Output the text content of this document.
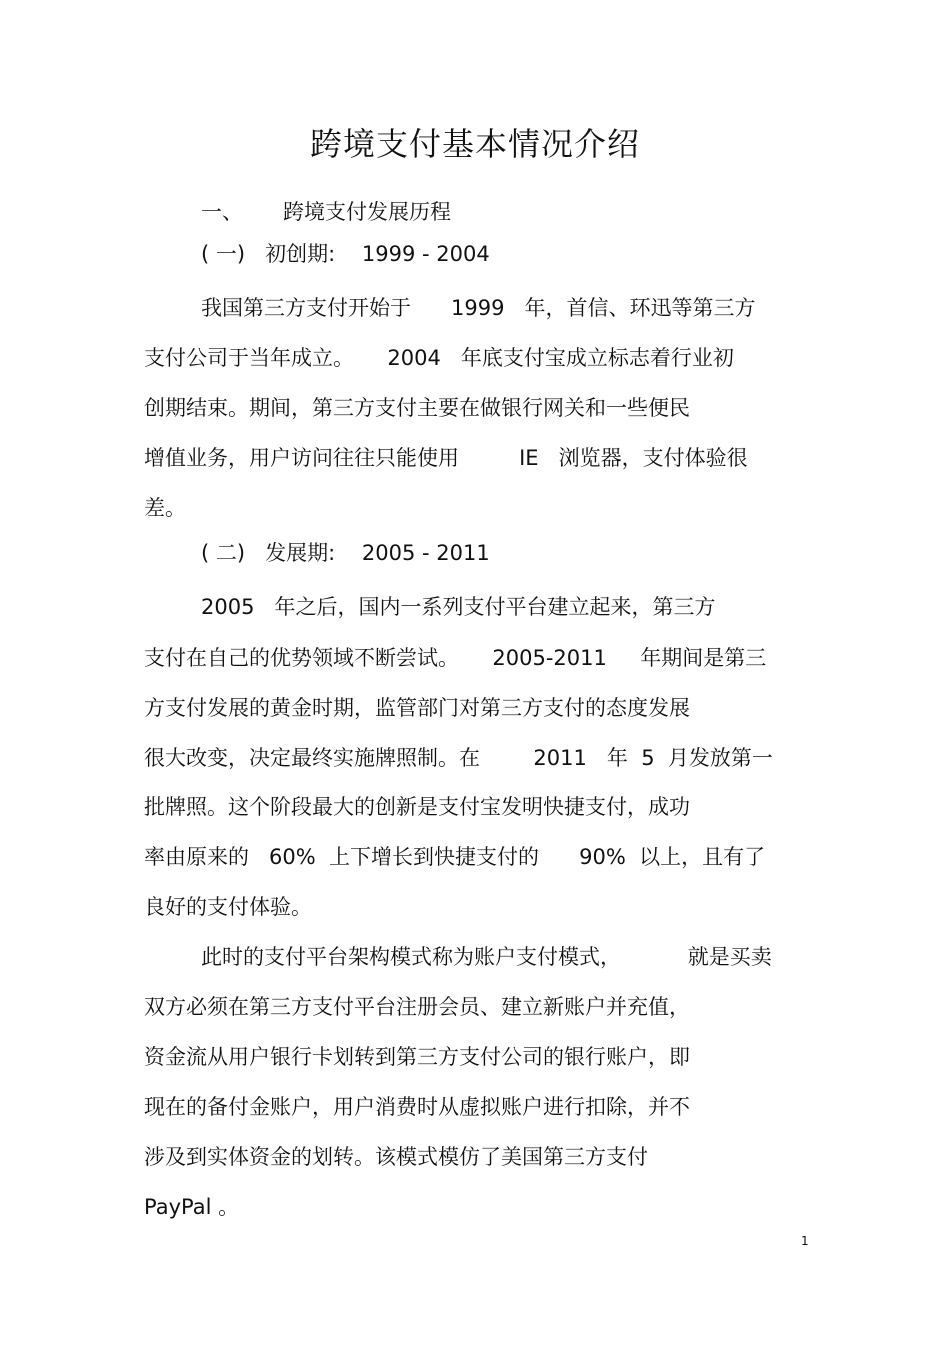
跨境支付基本情况介绍
一、      跨境支付发展历程
( 一)   初创期:    1999 - 2004
我国第三方支付开始于      1999   年，首信、环迅等第三方
支付公司于当年成立。     2004   年底支付宝成立标志着行业初
创期结束。期间，第三方支付主要在做银行网关和一些便民
增值业务，用户访问往往只能使用         IE   浏览器，支付体验很
差。
( 二)   发展期:    2005 - 2011
2005   年之后，国内一系列支付平台建立起来，第三方
支付在自己的优势领域不断尝试。     2005-2011     年期间是第三
方支付发展的黄金时期，监管部门对第三方支付的态度发展
很大改变，决定最终实施牌照制。在        2011   年  5  月发放第一
批牌照。这个阶段最大的创新是支付宝发明快捷支付，成功
率由原来的   60%  上下增长到快捷支付的      90%  以上，且有了
良好的支付体验。
此时的支付平台架构模式称为账户支付模式，          就是买卖
双方必须在第三方支付平台注册会员、建立新账户并充值，
资金流从用户银行卡划转到第三方支付公司的银行账户，即
现在的备付金账户，用户消费时从虚拟账户进行扣除，并不
涉及到实体资金的划转。该模式模仿了美国第三方支付
PayPal 。
1
